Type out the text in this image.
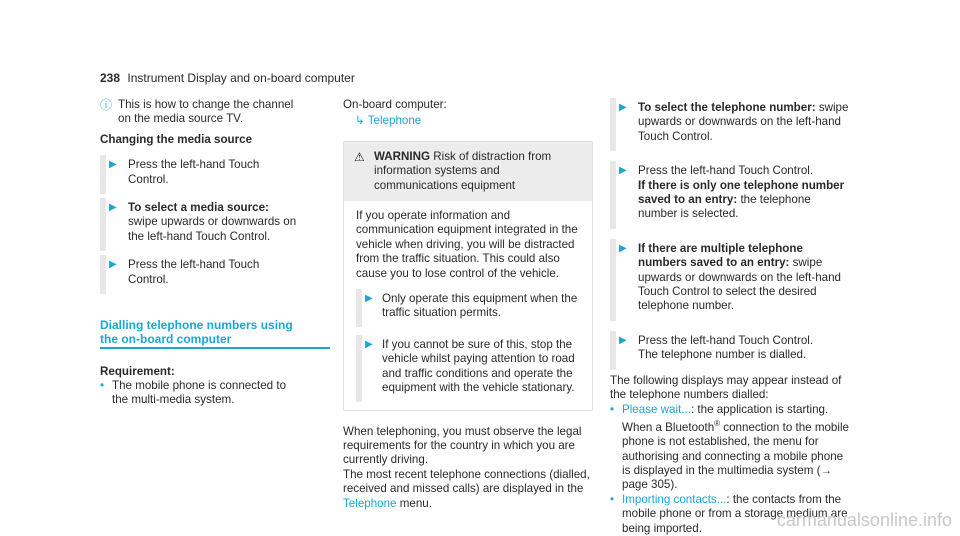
238 Instrument Display and on-board computer
ⓘ This is how to change the channel on the media source TV.

Changing the media source

▶ Press the left-hand Touch Control.
▶ To select a media source: swipe upwards or downwards on the left-hand Touch Control.
▶ Press the left-hand Touch Control.
Dialling telephone numbers using the on-board computer

Requirement:

• The mobile phone is connected to the multi-media system.

On-board computer:

↳ Telephone

⚠ WARNING Risk of distraction from information systems and communications equipment

If you operate information and communication equipment integrated in the vehicle when driving, you will be distracted from the traffic situation. This could also cause you to lose control of the vehicle.

▶ Only operate this equipment when the traffic situation permits.
▶ If you cannot be sure of this, stop the vehicle whilst paying attention to road and traffic conditions and operate the equipment with the vehicle stationary.

When telephoning, you must observe the legal requirements for the country in which you are currently driving.

The most recent telephone connections (dialled, received and missed calls) are displayed in the Telephone menu.

▶ To select the telephone number: swipe upwards or downwards on the left-hand Touch Control.
▶ Press the left-hand Touch Control.
If there is only one telephone number saved to an entry: the telephone number is selected.
▶ If there are multiple telephone numbers saved to an entry: swipe upwards or downwards on the left-hand Touch Control to select the desired telephone number.
▶ Press the left-hand Touch Control.
The telephone number is dialled.

The following displays may appear instead of the telephone numbers dialled:

• Please wait...: the application is starting. When a Bluetooth® connection to the mobile phone is not established, the menu for authorising and connecting a mobile phone is displayed in the multimedia system (→ page 305).
• Importing contacts...: the contacts from the mobile phone or from a storage medium are being imported.	carmanualsonline.info
